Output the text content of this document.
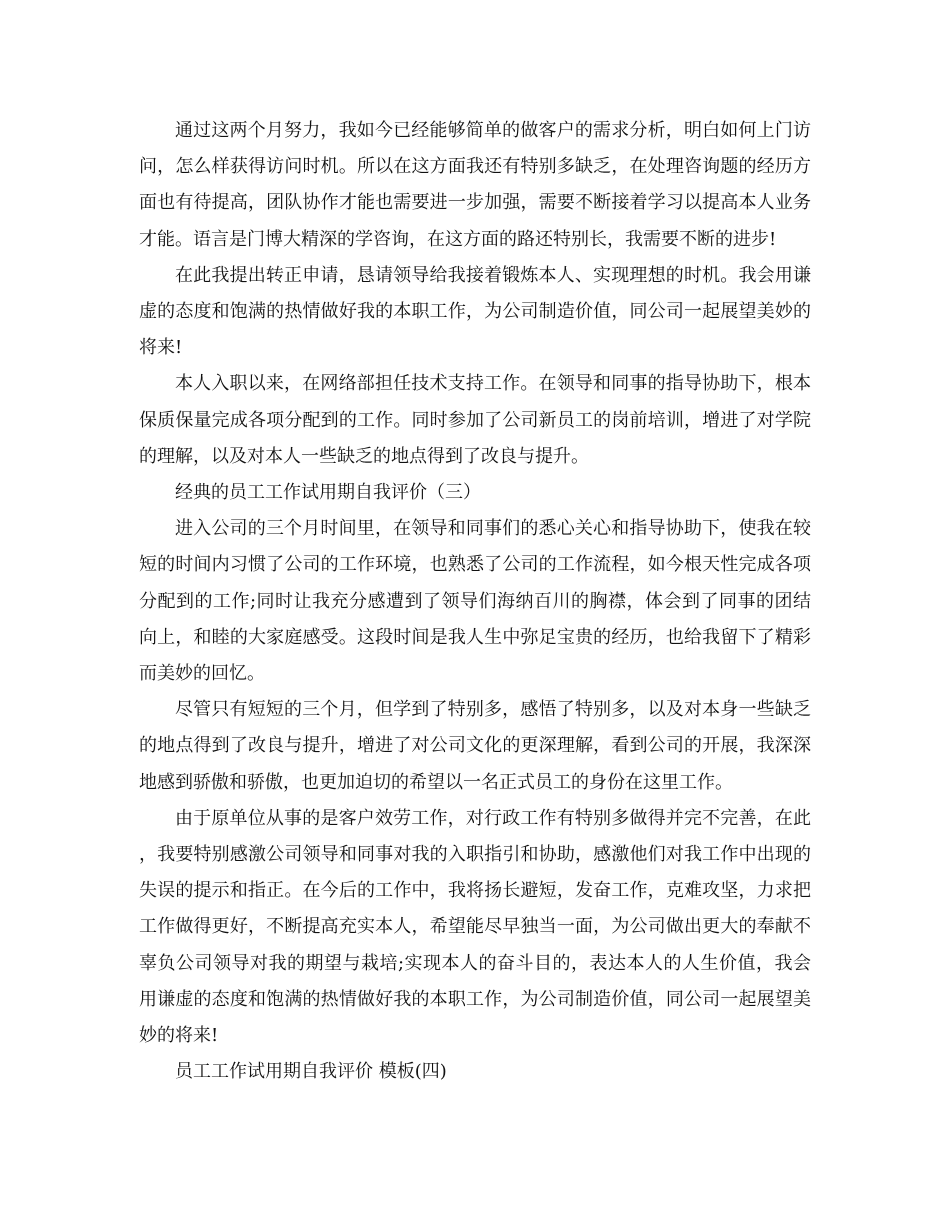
通过这两个月努力，我如今已经能够简单的做客户的需求分析，明白如何上门访问，怎么样获得访问时机。所以在这方面我还有特别多缺乏，在处理咨询题的经历方面也有待提高，团队协作才能也需要进一步加强，需要不断接着学习以提高本人业务才能。语言是门博大精深的学咨询，在这方面的路还特别长，我需要不断的进步!

在此我提出转正申请，恳请领导给我接着锻炼本人、实现理想的时机。我会用谦虚的态度和饱满的热情做好我的本职工作，为公司制造价值，同公司一起展望美妙的将来!

本人入职以来，在网络部担任技术支持工作。在领导和同事的指导协助下，根本保质保量完成各项分配到的工作。同时参加了公司新员工的岗前培训，增进了对学院的理解，以及对本人一些缺乏的地点得到了改良与提升。

经典的员工工作试用期自我评价（三）

进入公司的三个月时间里，在领导和同事们的悉心关心和指导协助下，使我在较短的时间内习惯了公司的工作环境，也熟悉了公司的工作流程，如今根天性完成各项分配到的工作;同时让我充分感遭到了领导们海纳百川的胸襟，体会到了同事的团结向上，和睦的大家庭感受。这段时间是我人生中弥足宝贵的经历，也给我留下了精彩而美妙的回忆。

尽管只有短短的三个月，但学到了特别多，感悟了特别多，以及对本身一些缺乏的地点得到了改良与提升，增进了对公司文化的更深理解，看到公司的开展，我深深地感到骄傲和骄傲，也更加迫切的希望以一名正式员工的身份在这里工作。

由于原单位从事的是客户效劳工作，对行政工作有特别多做得并完不完善，在此，我要特别感激公司领导和同事对我的入职指引和协助，感激他们对我工作中出现的失误的提示和指正。在今后的工作中，我将扬长避短，发奋工作，克难攻坚，力求把工作做得更好，不断提高充实本人，希望能尽早独当一面，为公司做出更大的奉献不辜负公司领导对我的期望与栽培;实现本人的奋斗目的，表达本人的人生价值，我会用谦虚的态度和饱满的热情做好我的本职工作，为公司制造价值，同公司一起展望美妙的将来!

员工工作试用期自我评价 模板(四)
